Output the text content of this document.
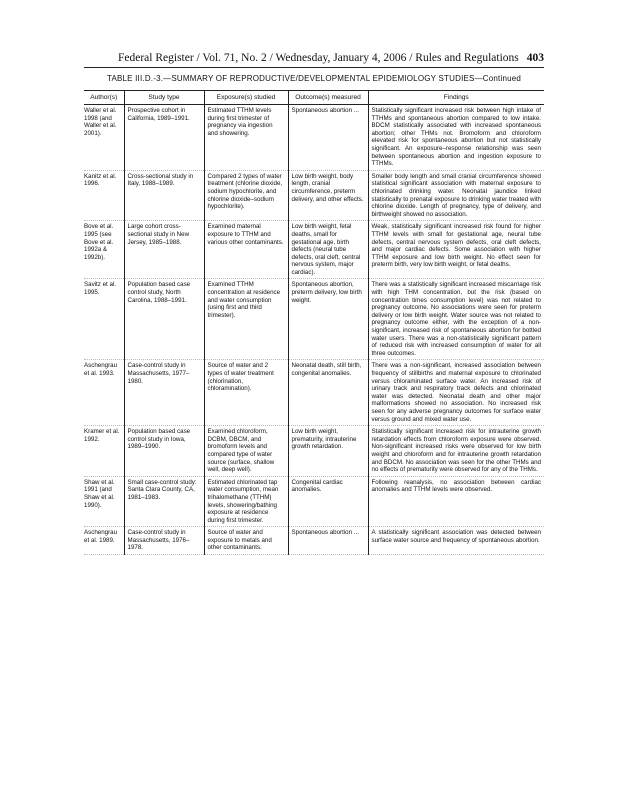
Federal Register / Vol. 71, No. 2 / Wednesday, January 4, 2006 / Rules and Regulations 403
TABLE III.D.-3.—SUMMARY OF REPRODUCTIVE/DEVELOPMENTAL EPIDEMIOLOGY STUDIES—Continued
Author(s)	Study type	Exposure(s) studied	Outcome(s) measured	Findings
Waller et al. 1998 (and Waller et al. 2001).	Prospective cohort in California, 1989–1991.	Estimated TTHM levels during first trimester of pregnancy via ingestion and showering.	Spontaneous abortion ...	Statistically significant increased risk between high intake of TTHMs and spontaneous abortion compared to low intake. BDCM statistically associated with increased spontaneous abortion; other THMs not. Bromoform and chloroform elevated risk for spontaneous abortion but not statistically significant. An exposure–response relationship was seen between spontaneous abortion and ingestion exposure to TTHMs.
Kanitz et al. 1996.	Cross-sectional study in Italy, 1988–1989.	Compared 2 types of water treatment (chlorine dioxide, sodium hypochlorite, and chlorine dioxide–sodium hypochlorite).	Low birth weight, body length, cranial circumference, preterm delivery, and other effects.	Smaller body length and small cranial circumference showed statistical significant association with maternal exposure to chlorinated drinking water. Neonatal jaundice linked statistically to prenatal exposure to drinking water treated with chlorine dioxide. Length of pregnancy, type of delivery, and birthweight showed no association.
Bove et al. 1995 (see Bove et al. 1992a & 1992b).	Large cohort cross-sectional study in New Jersey, 1985–1988.	Examined maternal exposure to TTHM and various other contaminants.	Low birth weight, fetal deaths, small for gestational age, birth defects (neural tube defects, oral cleft, central nervous system, major cardiac).	Weak, statistically significant increased risk found for higher TTHM levels with small for gestational age, neural tube defects, central nervous system defects, oral cleft defects, and major cardiac defects. Some association with higher TTHM exposure and low birth weight. No effect seen for preterm birth, very low birth weight, or fetal deaths.
Savitz et al. 1995.	Population based case control study, North Carolina, 1988–1991.	Examined TTHM concentration at residence and water consumption (using first and third trimester).	Spontaneous abortion, preterm delivery, low birth weight.	There was a statistically significant increased miscarriage risk with high THM concentration, but the risk (based on concentration times consumption level) was not related to pregnancy outcome. No associations were seen for preterm delivery or low birth weight. Water source was not related to pregnancy outcome either, with the exception of a non-significant, increased risk of spontaneous abortion for bottled water users. There was a non-statistically significant pattern of reduced risk with increased consumption of water for all three outcomes.
Aschengrau et al. 1993.	Case-control study in Massachusetts, 1977–1980.	Source of water and 2 types of water treatment (chlorination, chloramination).	Neonatal death, still birth, congenital anomalies.	There was a non-significant, increased association between frequency of stillbirths and maternal exposure to chlorinated versus chloraminated surface water. An increased risk of urinary track and respiratory track defects and chlorinated water was detected. Neonatal death and other major malformations showed no association. No increased risk seen for any adverse pregnancy outcomes for surface water versus ground and mixed water use.
Kramer et al. 1992.	Population based case control study in Iowa, 1989–1990.	Examined chloroform, DCBM, DBCM, and bromoform levels and compared type of water source (surface, shallow well, deep well).	Low birth weight, prematurity, intrauterine growth retardation.	Statistically significant increased risk for intrauterine growth retardation effects from chloroform exposure were observed. Non-significant increased risks were observed for low birth weight and chloroform and for intrauterine growth retardation and BDCM. No association was seen for the other THMs and no effects of prematurity were observed for any of the THMs.
Shaw et al. 1991 (and Shaw et al. 1990).	Small case-control study: Santa Clara County, CA, 1981–1983.	Estimated chlorinated tap water consumption, mean trihalomethane (TTHM) levels, showering/bathing exposure at residence during first trimester.	Congenital cardiac anomalies.	Following reanalysis, no association between cardiac anomalies and TTHM levels were observed.
Aschengrau et al. 1989.	Case-control study in Massachusetts, 1976–1978.	Source of water and exposure to metals and other contaminants.	Spontaneous abortion ...	A statistically significant association was detected between surface water source and frequency of spontaneous abortion.
